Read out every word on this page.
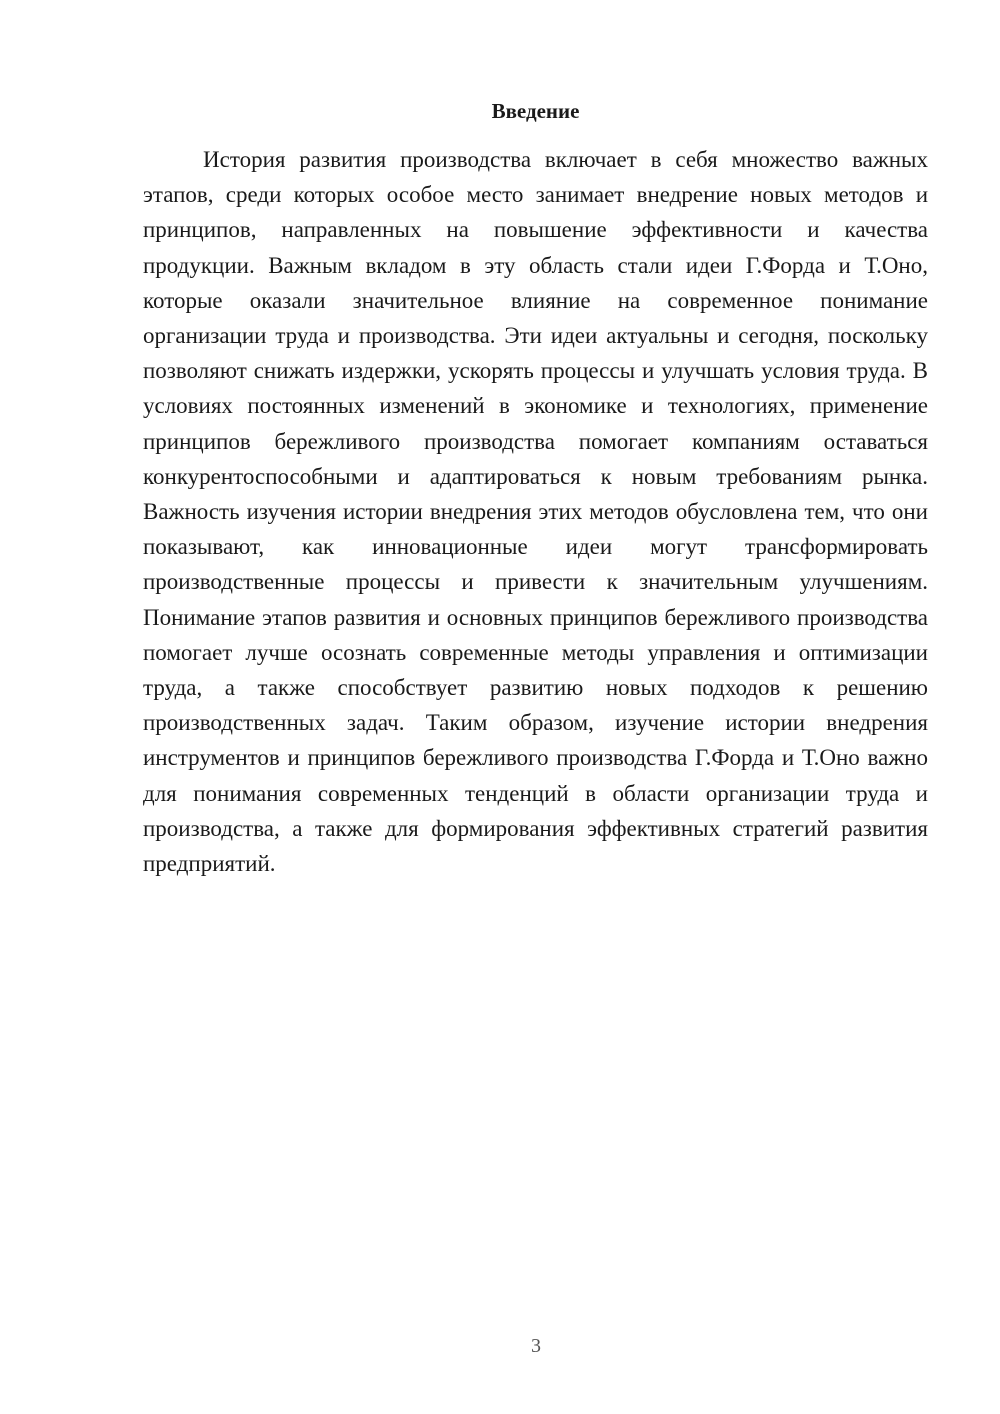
Введение

История развития производства включает в себя множество важных этапов, среди которых особое место занимает внедрение новых методов и принципов, направленных на повышение эффективности и качества продукции. Важным вкладом в эту область стали идеи Г.Форда и Т.Оно, которые оказали значительное влияние на современное понимание организации труда и производства. Эти идеи актуальны и сегодня, поскольку позволяют снижать издержки, ускорять процессы и улучшать условия труда. В условиях постоянных изменений в экономике и технологиях, применение принципов бережливого производства помогает компаниям оставаться конкурентоспособными и адаптироваться к новым требованиям рынка. Важность изучения истории внедрения этих методов обусловлена тем, что они показывают, как инновационные идеи могут трансформировать производственные процессы и привести к значительным улучшениям. Понимание этапов развития и основных принципов бережливого производства помогает лучше осознать современные методы управления и оптимизации труда, а также способствует развитию новых подходов к решению производственных задач. Таким образом, изучение истории внедрения инструментов и принципов бережливого производства Г.Форда и Т.Оно важно для понимания современных тенденций в области организации труда и производства, а также для формирования эффективных стратегий развития предприятий.

3
